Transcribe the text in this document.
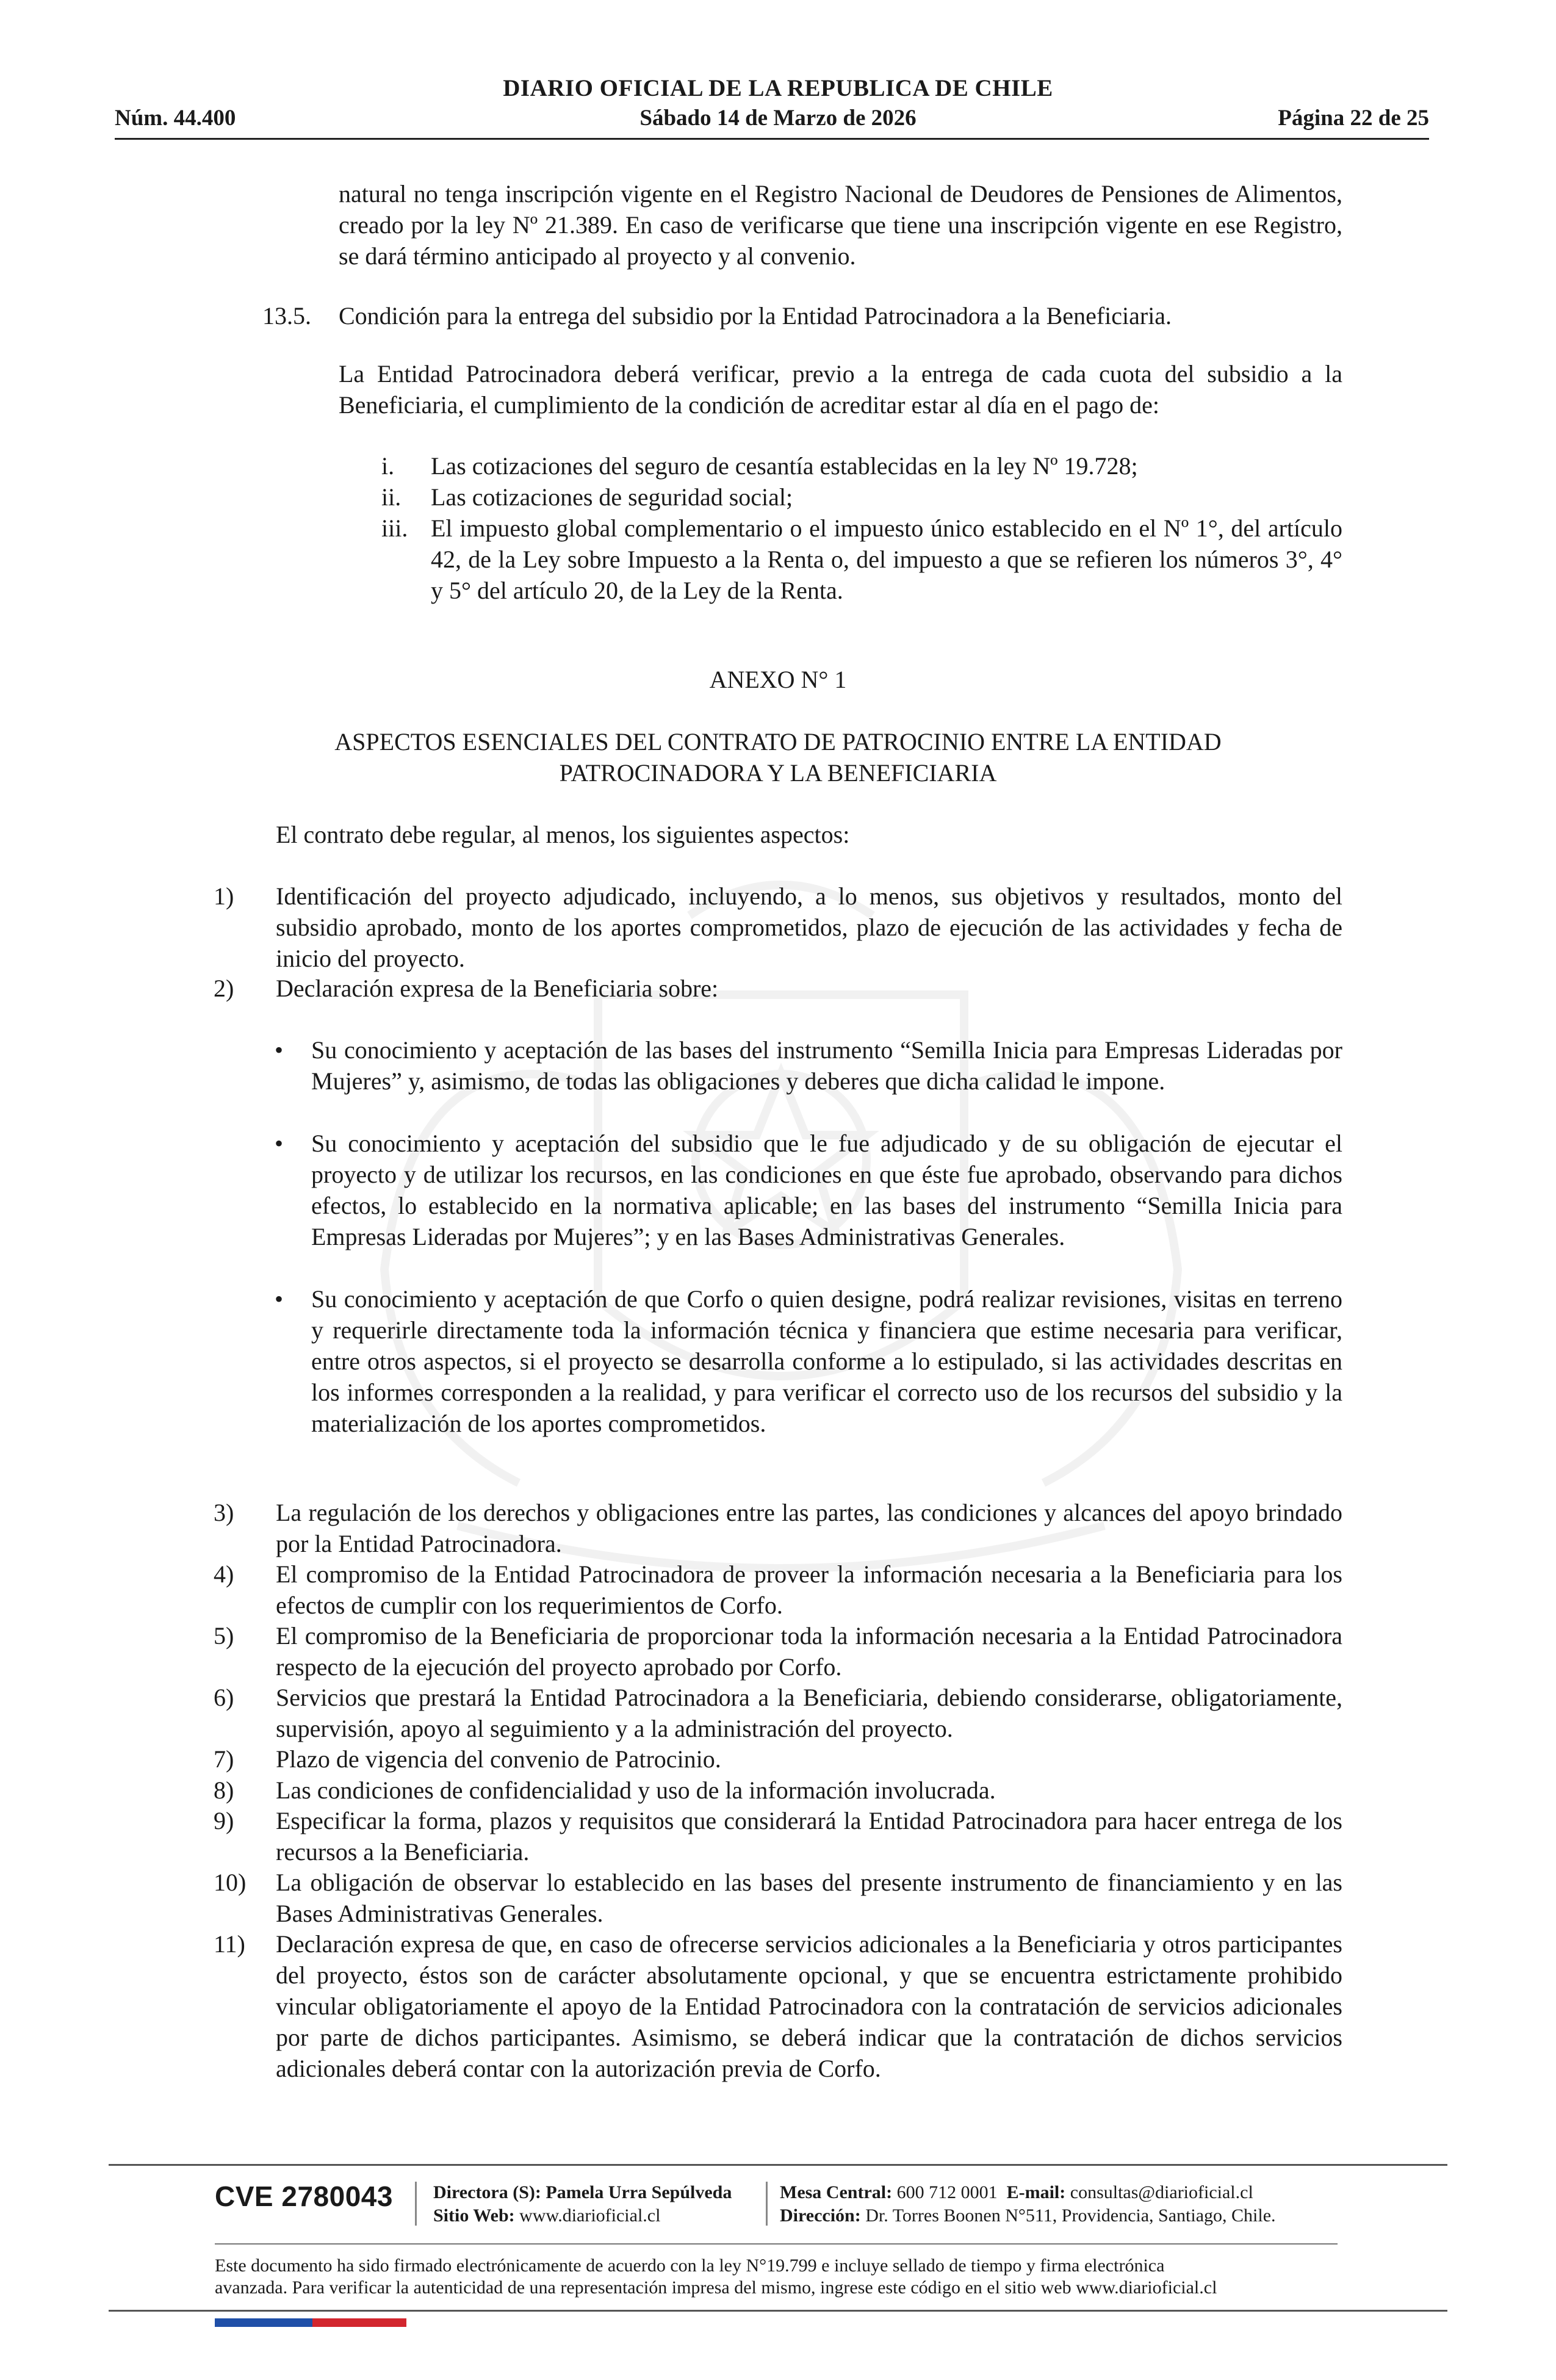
DIARIO OFICIAL DE LA REPUBLICA DE CHILE
Núm. 44.400	Sábado 14 de Marzo de 2026	Página 22 de 25
natural no tenga inscripción vigente en el Registro Nacional de Deudores de Pensiones de Alimentos, creado por la ley Nº 21.389. En caso de verificarse que tiene una inscripción vigente en ese Registro, se dará término anticipado al proyecto y al convenio.
13.5. Condición para la entrega del subsidio por la Entidad Patrocinadora a la Beneficiaria.
La Entidad Patrocinadora deberá verificar, previo a la entrega de cada cuota del subsidio a la Beneficiaria, el cumplimiento de la condición de acreditar estar al día en el pago de:
i. Las cotizaciones del seguro de cesantía establecidas en la ley Nº 19.728;
ii. Las cotizaciones de seguridad social;
iii. El impuesto global complementario o el impuesto único establecido en el Nº 1°, del artículo 42, de la Ley sobre Impuesto a la Renta o, del impuesto a que se refieren los números 3°, 4° y 5° del artículo 20, de la Ley de la Renta.
ANEXO N° 1
ASPECTOS ESENCIALES DEL CONTRATO DE PATROCINIO ENTRE LA ENTIDAD
PATROCINADORA Y LA BENEFICIARIA
El contrato debe regular, al menos, los siguientes aspectos:
1) Identificación del proyecto adjudicado, incluyendo, a lo menos, sus objetivos y resultados, monto del subsidio aprobado, monto de los aportes comprometidos, plazo de ejecución de las actividades y fecha de inicio del proyecto.
2) Declaración expresa de la Beneficiaria sobre:
• Su conocimiento y aceptación de las bases del instrumento “Semilla Inicia para Empresas Lideradas por Mujeres” y, asimismo, de todas las obligaciones y deberes que dicha calidad le impone.
• Su conocimiento y aceptación del subsidio que le fue adjudicado y de su obligación de ejecutar el proyecto y de utilizar los recursos, en las condiciones en que éste fue aprobado, observando para dichos efectos, lo establecido en la normativa aplicable; en las bases del instrumento “Semilla Inicia para Empresas Lideradas por Mujeres”; y en las Bases Administrativas Generales.
• Su conocimiento y aceptación de que Corfo o quien designe, podrá realizar revisiones, visitas en terreno y requerirle directamente toda la información técnica y financiera que estime necesaria para verificar, entre otros aspectos, si el proyecto se desarrolla conforme a lo estipulado, si las actividades descritas en los informes corresponden a la realidad, y para verificar el correcto uso de los recursos del subsidio y la materialización de los aportes comprometidos.
3) La regulación de los derechos y obligaciones entre las partes, las condiciones y alcances del apoyo brindado por la Entidad Patrocinadora.
4) El compromiso de la Entidad Patrocinadora de proveer la información necesaria a la Beneficiaria para los efectos de cumplir con los requerimientos de Corfo.
5) El compromiso de la Beneficiaria de proporcionar toda la información necesaria a la Entidad Patrocinadora respecto de la ejecución del proyecto aprobado por Corfo.
6) Servicios que prestará la Entidad Patrocinadora a la Beneficiaria, debiendo considerarse, obligatoriamente, supervisión, apoyo al seguimiento y a la administración del proyecto.
7) Plazo de vigencia del convenio de Patrocinio.
8) Las condiciones de confidencialidad y uso de la información involucrada.
9) Especificar la forma, plazos y requisitos que considerará la Entidad Patrocinadora para hacer entrega de los recursos a la Beneficiaria.
10) La obligación de observar lo establecido en las bases del presente instrumento de financiamiento y en las Bases Administrativas Generales.
11) Declaración expresa de que, en caso de ofrecerse servicios adicionales a la Beneficiaria y otros participantes del proyecto, éstos son de carácter absolutamente opcional, y que se encuentra estrictamente prohibido vincular obligatoriamente el apoyo de la Entidad Patrocinadora con la contratación de servicios adicionales por parte de dichos participantes. Asimismo, se deberá indicar que la contratación de dichos servicios adicionales deberá contar con la autorización previa de Corfo.
CVE 2780043 Directora (S): Pamela Urra Sepúlveda
Sitio Web: www.diarioficial.cl
Mesa Central: 600 712 0001 E-mail: consultas@diarioficial.cl
Dirección: Dr. Torres Boonen N°511, Providencia, Santiago, Chile.
Este documento ha sido firmado electrónicamente de acuerdo con la ley N°19.799 e incluye sellado de tiempo y firma electrónica
avanzada. Para verificar la autenticidad de una representación impresa del mismo, ingrese este código en el sitio web www.diarioficial.cl
